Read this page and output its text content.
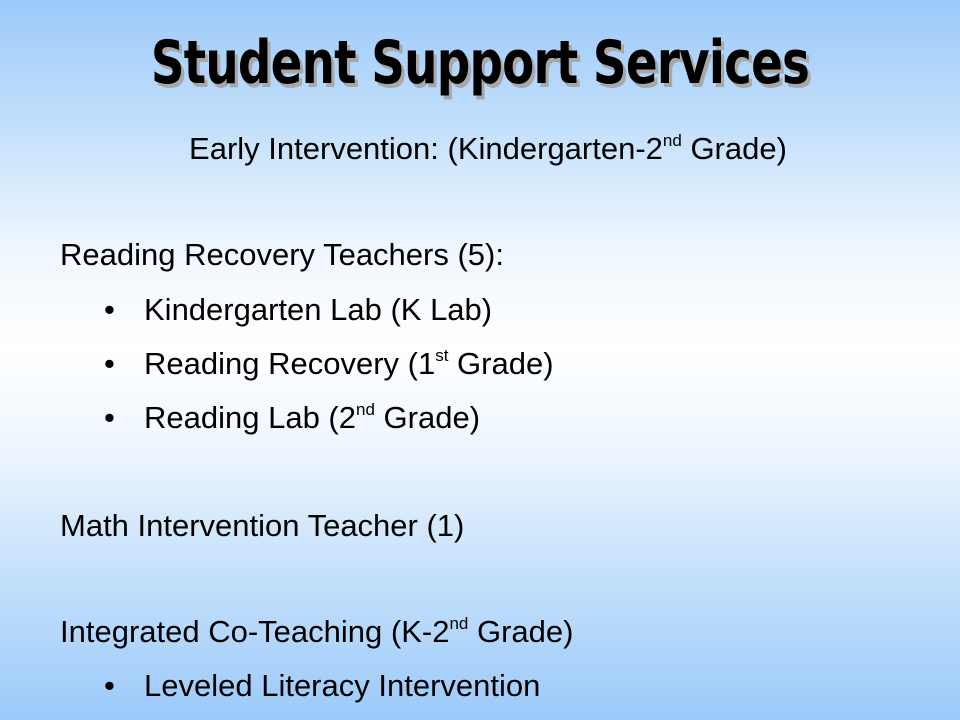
Student Support Services

Early Intervention: (Kindergarten-2nd Grade)

Reading Recovery Teachers (5):

• Kindergarten Lab (K Lab)

• Reading Recovery (1st Grade)

• Reading Lab (2nd Grade)

Math Intervention Teacher (1)

Integrated Co-Teaching (K-2nd Grade)

• Leveled Literacy Intervention
